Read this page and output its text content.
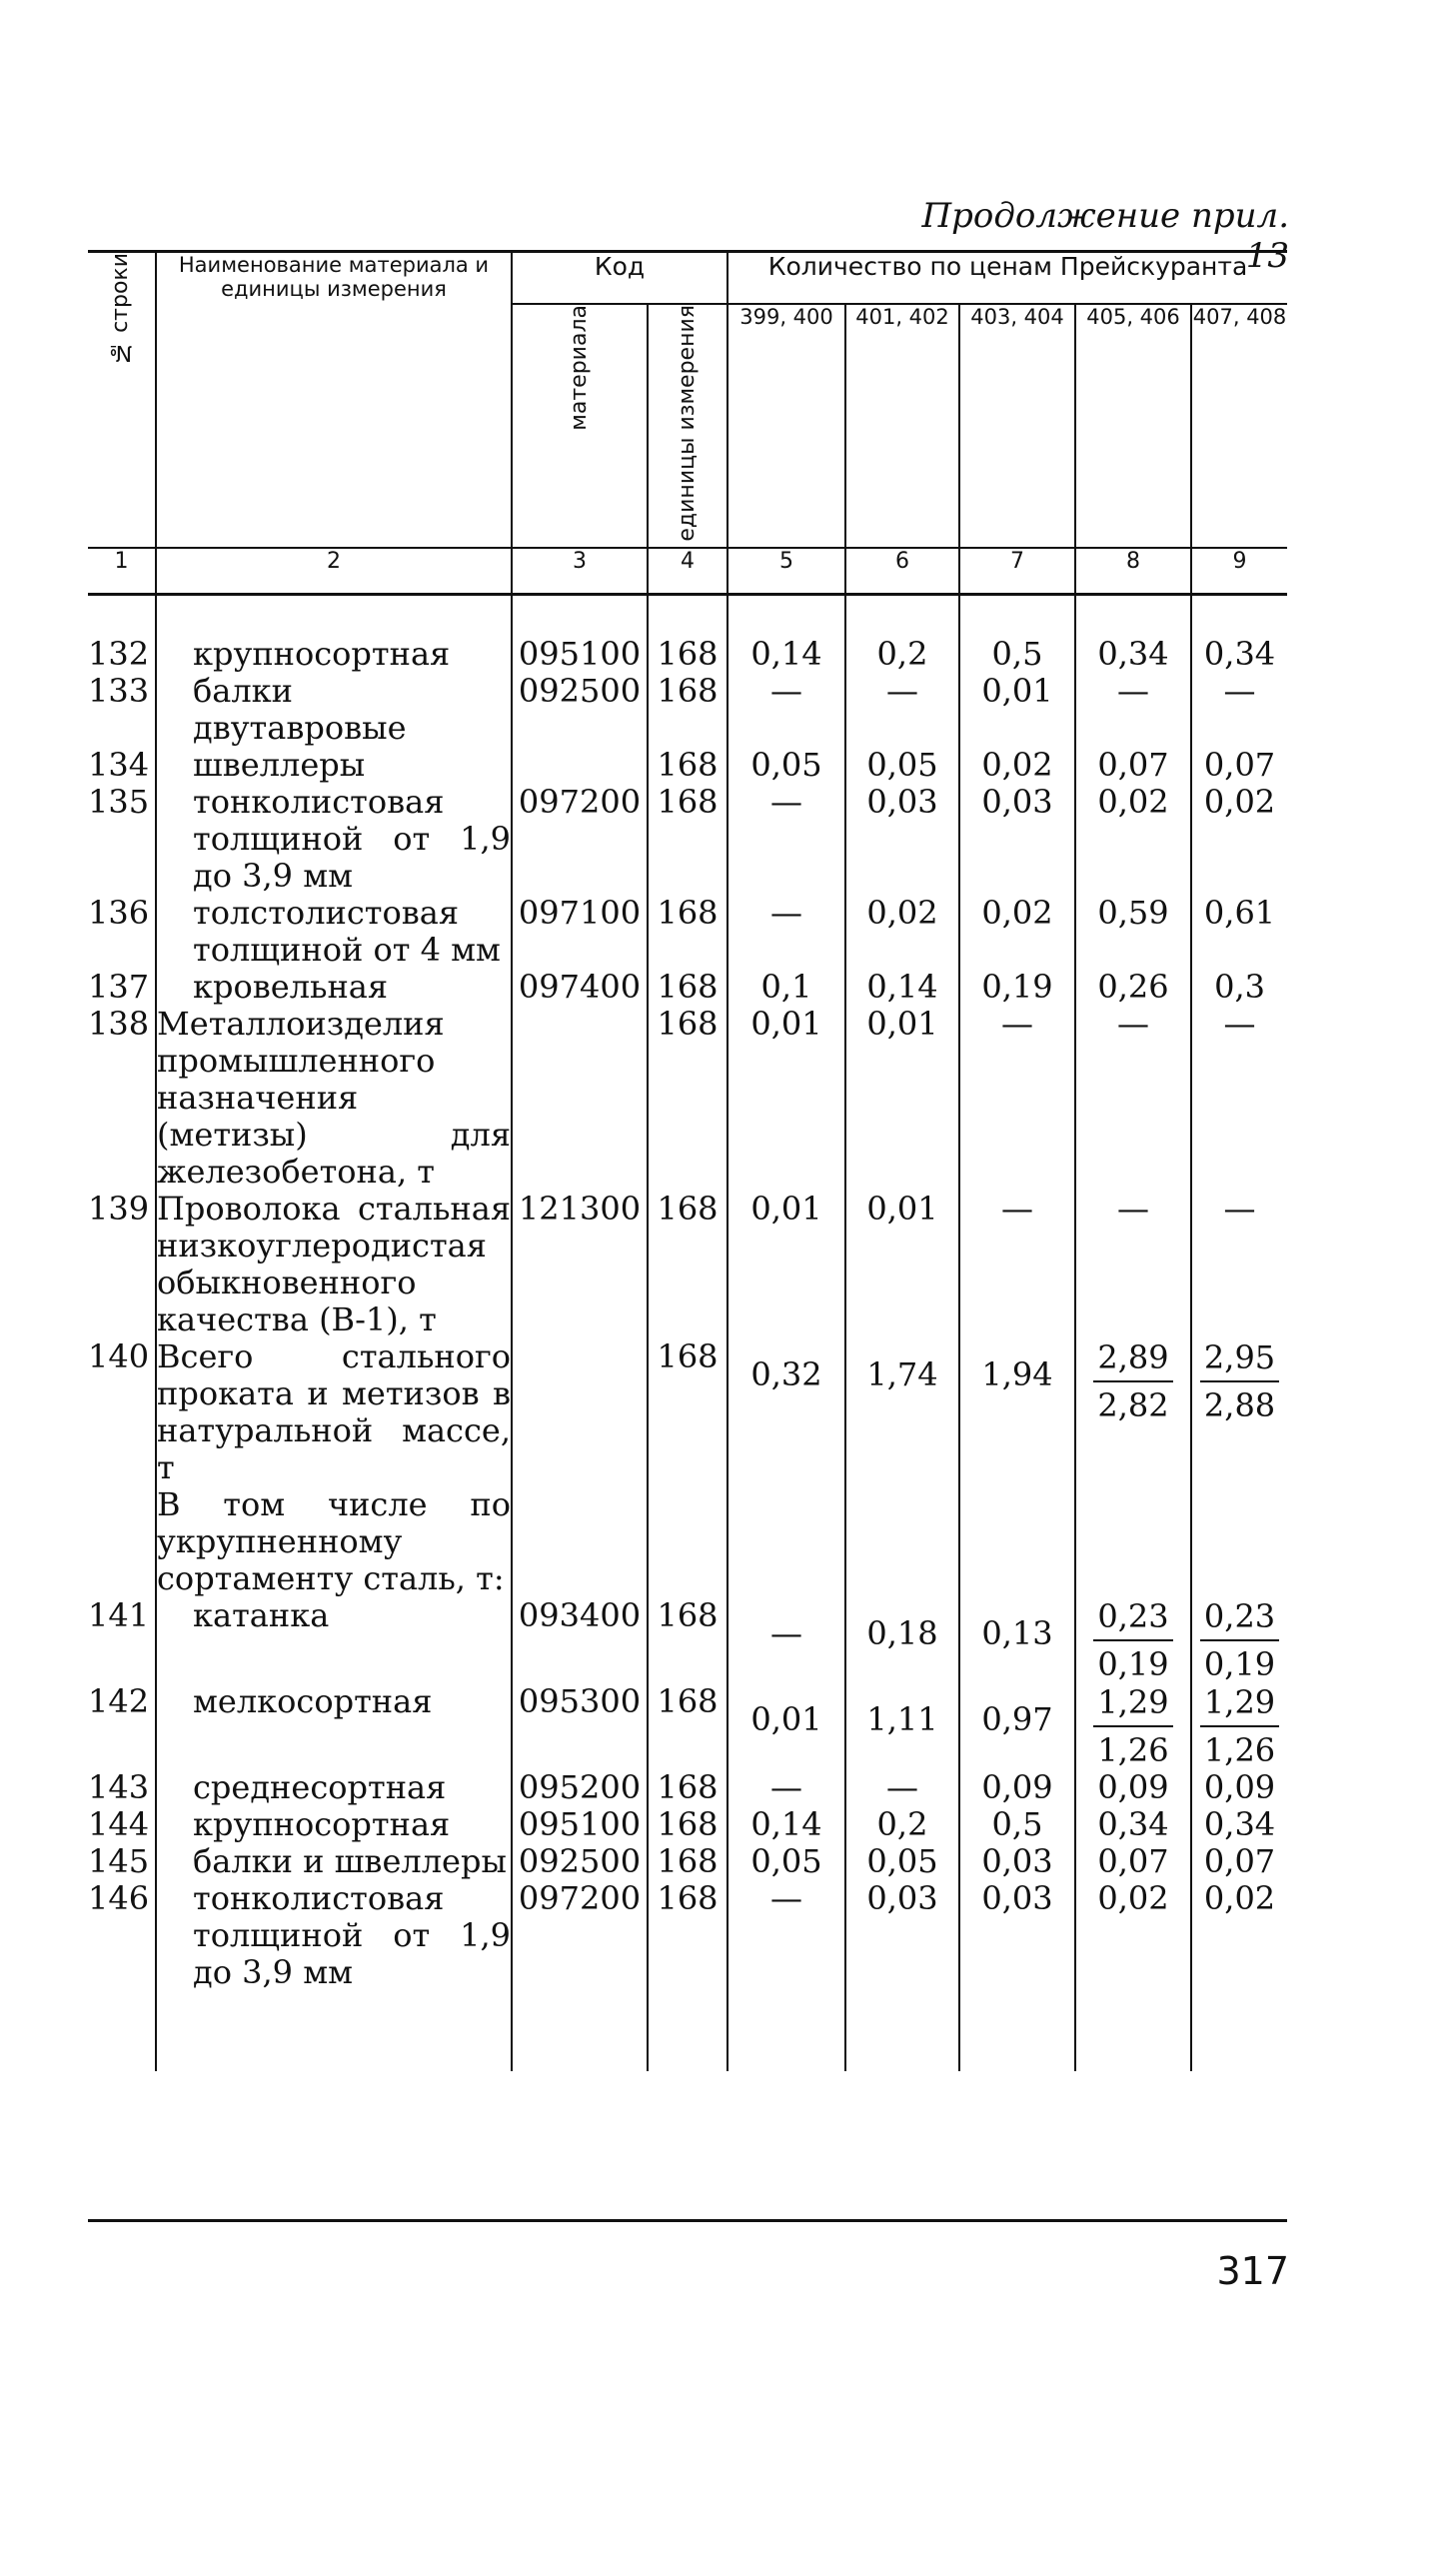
Продолжение прил. 13
№ строки	Наименование материала и единицы измерения	Код		Количество по ценам Прейскуранта				
		материала	единицы измерения	399, 400	401, 402	403, 404	405, 406	407, 408
1	2	3	4	5	6	7	8	9

132	крупносортная	095100	168	0,14	0,2	0,5	0,34	0,34

133	балки двутавровые	092500	168	—	—	0,01	—	—

134	швеллеры		168	0,05	0,05	0,02	0,07	0,07

135	тонколистовая толщиной от 1,9 до 3,9 мм	097200	168	—	0,03	0,03	0,02	0,02

136	толстолистовая толщиной от 4 мм	097100	168	—	0,02	0,02	0,59	0,61

137	кровельная	097400	168	0,1	0,14	0,19	0,26	0,3

138	Металлоизделия промышленного назначения (метизы) для железобетона, т		168	0,01	0,01	—	—	—

139	Проволока стальная низкоуглеродистая обыкновенного качества (В-1), т	121300	168	0,01	0,01	—	—	—

140	Всего стального проката и метизов в натуральной массе, т		168	0,32	1,74	1,94	$\frac{2,89}{2,82}$	$\frac{2,95}{2,88}$

	В том числе по укрупненному сортаменту сталь, т:			

141	катанка	093400	168	—	0,18	0,13	$\frac{0,23}{0,19}$	$\frac{0,23}{0,19}$

142	мелкосортная	095300	168	0,01	1,11	0,97	$\frac{1,29}{1,26}$	$\frac{1,29}{1,26}$

143	среднесортная	095200	168	—	—	0,09	0,09	0,09

144	крупносортная	095100	168	0,14	0,2	0,5	0,34	0,34

145	балки и швеллеры	092500	168	0,05	0,05	0,03	0,07	0,07

146	тонколистовая толщиной от 1,9 до 3,9 мм	097200	168	—	0,03	0,03	0,02	0,02

317
